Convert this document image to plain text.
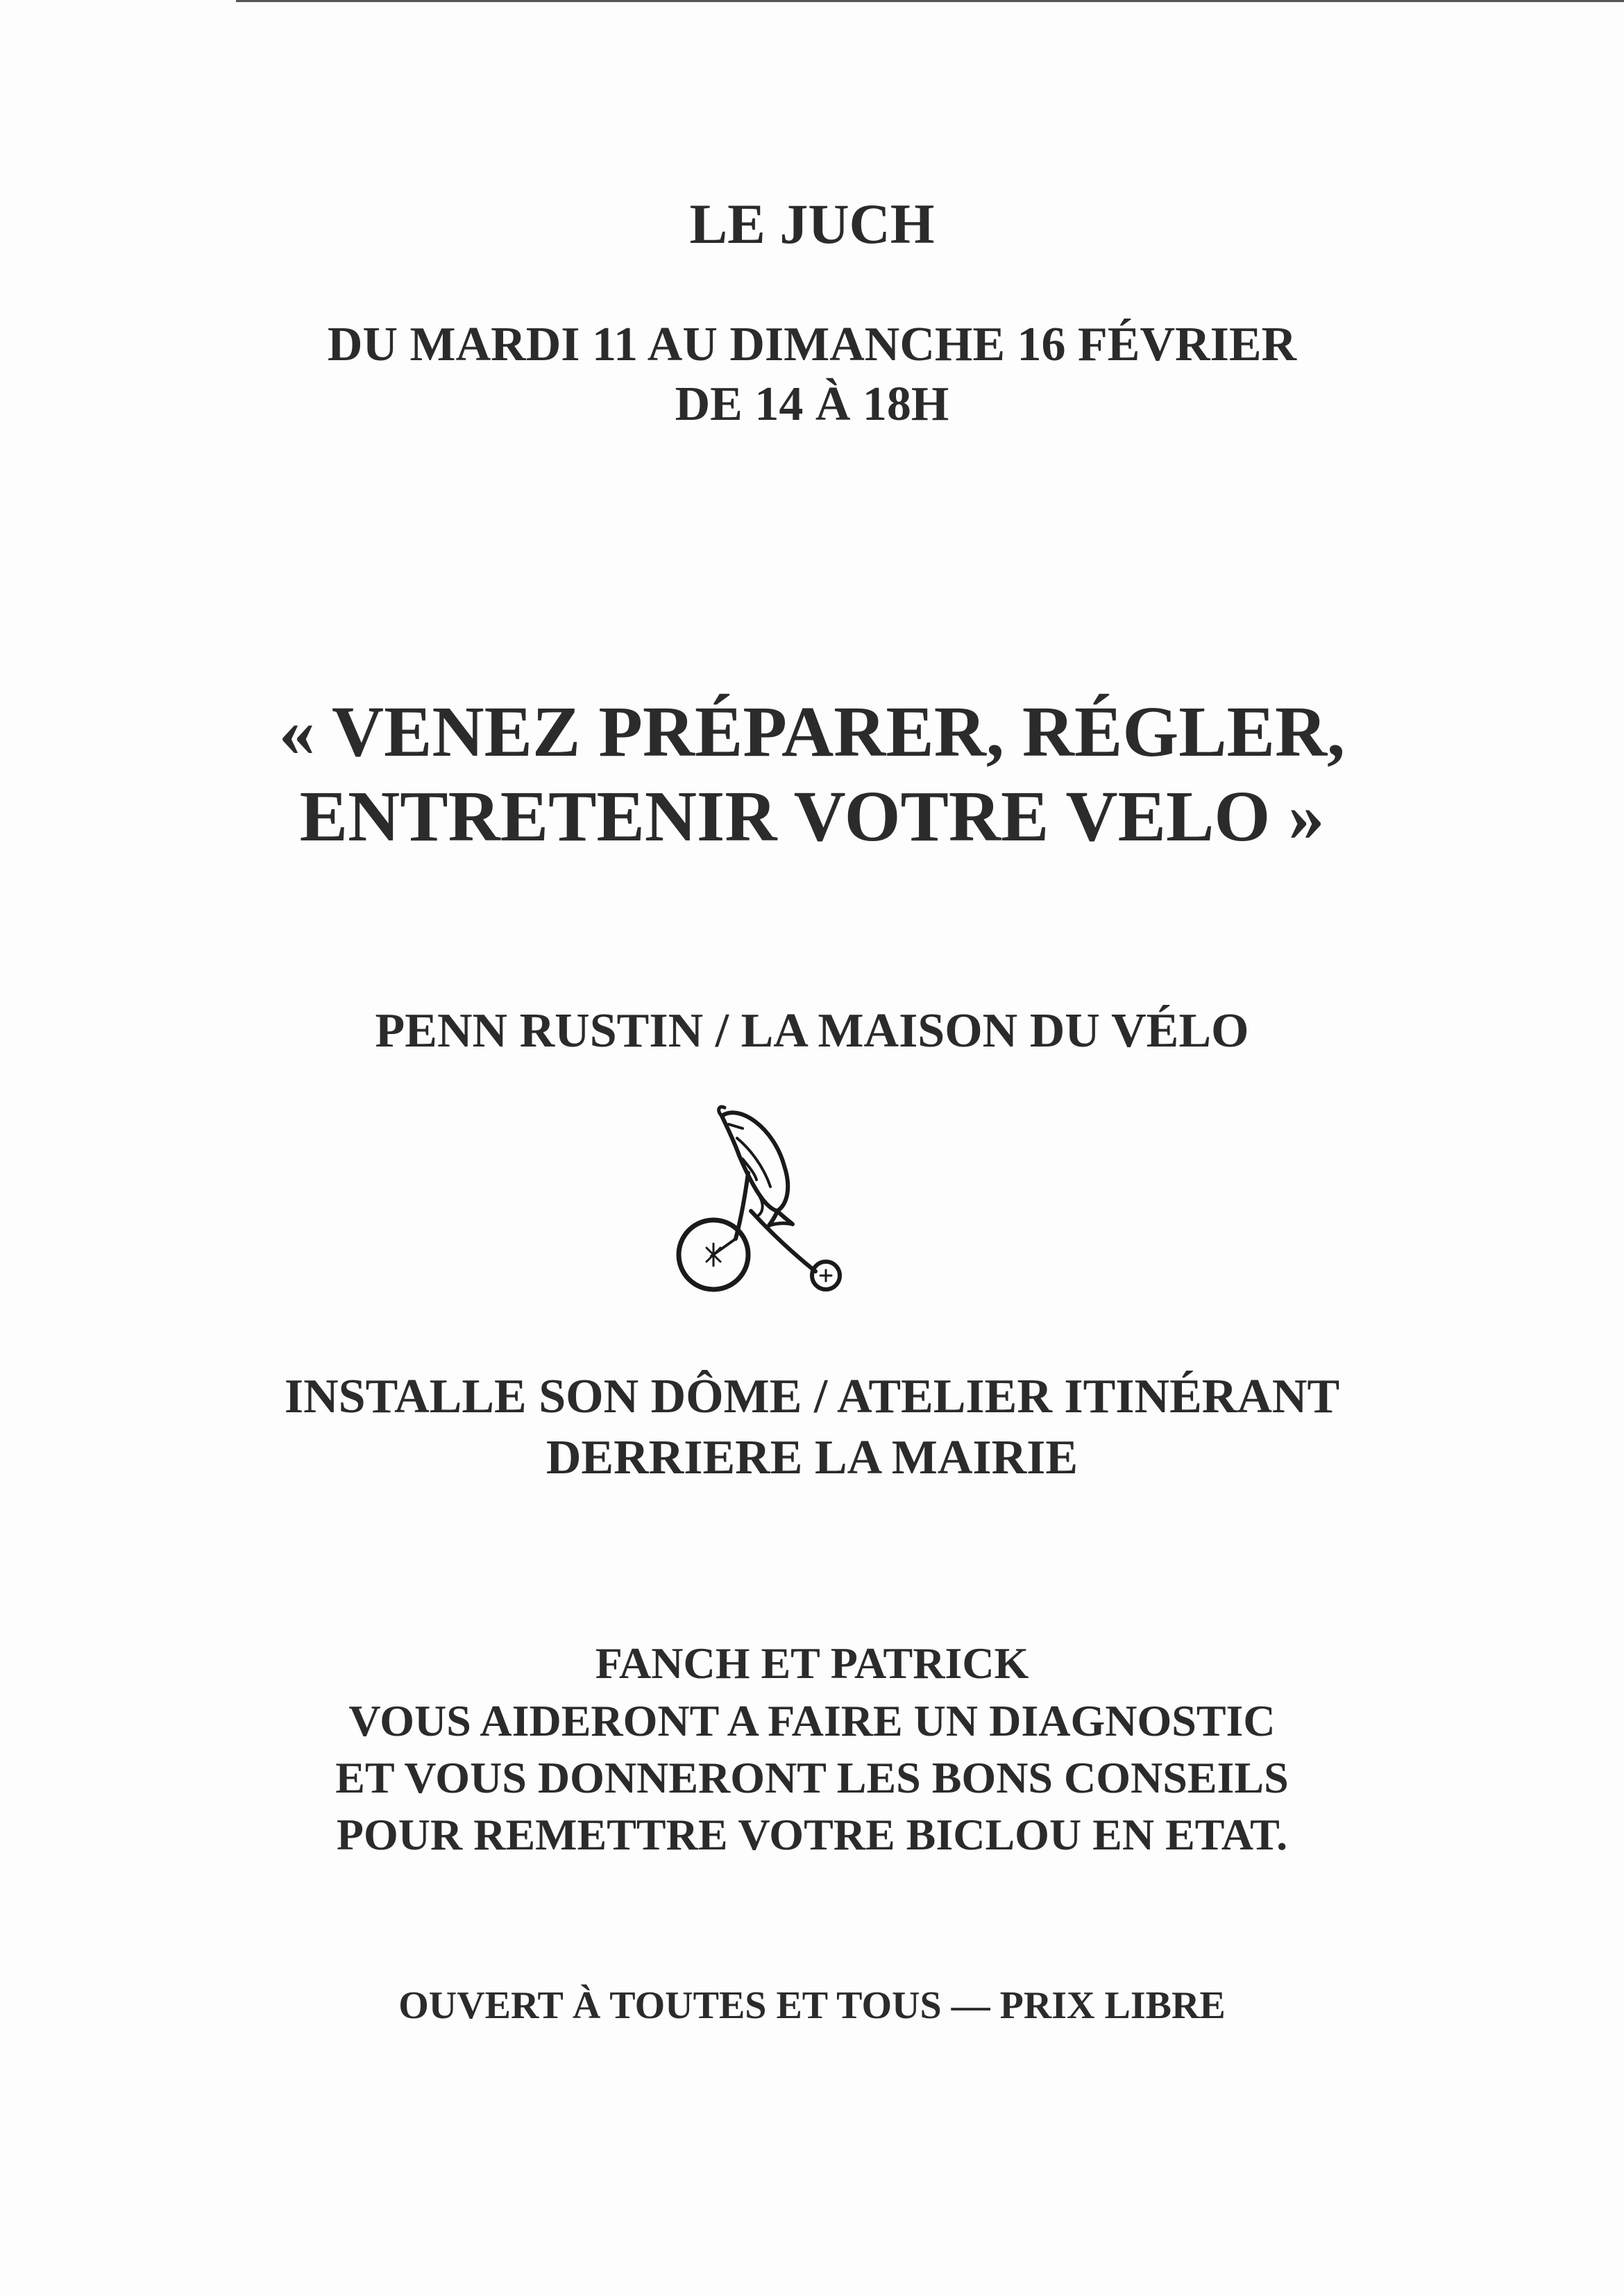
LE JUCH
DU MARDI 11 AU DIMANCHE 16 FÉVRIER
DE 14 À 18H
« VENEZ PRÉPARER, RÉGLER,
ENTRETENIR VOTRE VELO »
PENN RUSTIN / LA MAISON DU VÉLO
INSTALLE SON DÔME / ATELIER ITINÉRANT
DERRIERE LA MAIRIE
FANCH ET PATRICK
VOUS AIDERONT A FAIRE UN DIAGNOSTIC
ET VOUS DONNERONT LES BONS CONSEILS
POUR REMETTRE VOTRE BICLOU EN ETAT.
OUVERT À TOUTES ET TOUS — PRIX LIBRE
